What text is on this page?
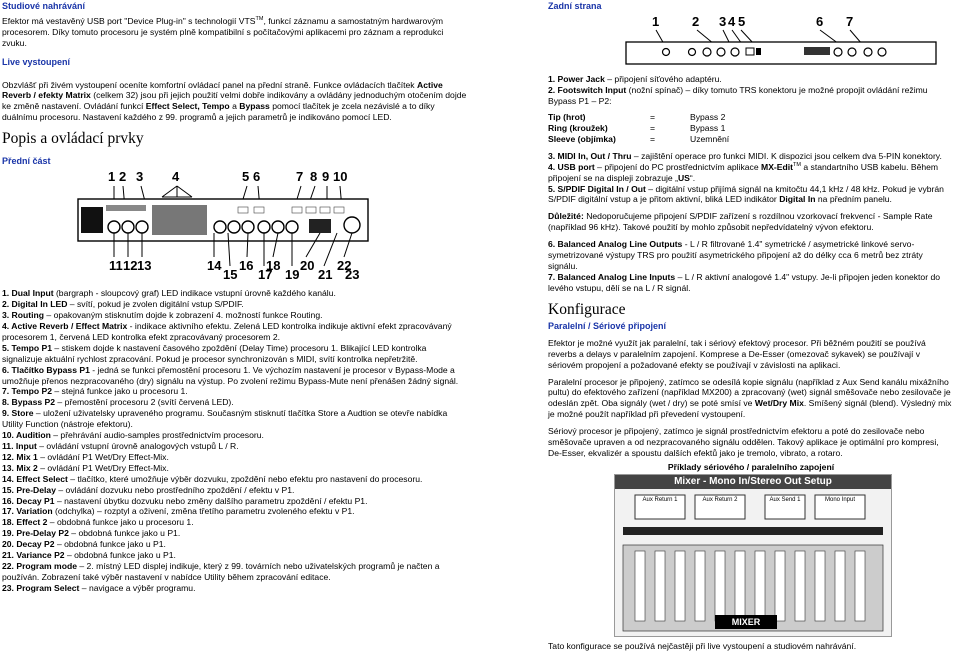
Studiové nahrávání

Efektor má vestavěný USB port "Device Plug-in" s technologií VTS™, funkcí záznamu a samostatným hardwarovým procesorem. Díky tomuto procesoru je systém plně kompatibilní s počítačovými aplikacemi pro záznam a reprodukci zvuku.

Live vystoupení

Obzvlášť při živém vystoupení oceníte komfortní ovládací panel na přední straně. Funkce ovládacích tlačítek Active Reverb / efekty Matrix (celkem 32) jsou při jejich použití velmi dobře indikovány a ovládány jednoduchým otočením dojde ke změně nastavení. Ovládání funkcí Effect Select, Tempo a Bypass pomocí tlačítek je zcela nezávislé a to díky duálnímu procesoru. Nastavení každého z 99. programů a jejich parametrů je indikováno pomocí LED.

Popis a ovládací prvky

Přední část

1 2 3 4	5 6	7 8 9 10
11 12 13	14
15
16
17
18
19
20
21
22
23
1. Dual Input (bargraph - sloupcový graf) LED indikace vstupní úrovně každého kanálu.
2. Digital In LED – svítí, pokud je zvolen digitální vstup S/PDIF.
3. Routing – opakovaným stisknutím dojde k zobrazení 4. možností funkce Routing.
4. Active Reverb / Effect Matrix - indikace aktivního efektu. Zelená LED kontrolka indikuje aktivní efekt zpracovávaný procesorem 1, červená LED kontrolka efekt zpracovávaný procesorem 2.
5. Tempo P1 – stiskem dojde k nastavení časového zpoždění (Delay Time) procesoru 1. Blikající LED kontrolka signalizuje aktuální rychlost zpracování. Pokud je procesor synchronizován s MIDI, svítí kontrolka nepřetržitě.
6. Tlačítko Bypass P1 - jedná se funkci přemostění procesoru 1. Ve výchozím nastavení je procesor v Bypass-Mode a umožňuje přenos nezpracovaného (dry) signálu na výstup. Po zvolení režimu Bypass-Mute není přenášen žádný signál.
7. Tempo P2 – stejná funkce jako u procesoru 1.
8. Bypass P2 – přemostění procesoru 2 (svítí červená LED).
9. Store – uložení uživatelsky upraveného programu. Současným stisknutí tlačítka Store a Audtion se otevře nabídka Utility Function (nástroje efektoru).
10. Audition – přehrávání audio-samples prostřednictvím procesoru.
11. Input – ovládání vstupní úrovně analogových vstupů L / R.
12. Mix 1 – ovládání P1 Wet/Dry Effect-Mix.
13. Mix 2 – ovládání P1 Wet/Dry Effect-Mix.
14. Effect Select – tlačítko, které umožňuje výběr dozvuku, zpoždění nebo efektu pro nastavení do procesoru.
15. Pre-Delay – ovládání dozvuku nebo prostředního zpoždění / efektu v P1.
16. Decay P1 – nastavení úbytku dozvuku nebo změny dalšího parametru zpoždění / efektu P1.
17. Variation (odchylka) – rozptyl a oživení, změna třetího parametru zvoleného efektu v P1.
18. Effect 2 – obdobná funkce jako u procesoru 1.
19. Pre-Delay P2 – obdobná funkce jako u P1.
20. Decay P2 – obdobná funkce jako u P1.
21. Variance P2 – obdobná funkce jako u P1.
22. Program mode – 2. místný LED displej indikuje, který z 99. továrních nebo uživatelských programů je načten a používán. Zobrazení také výběr nastavení v nabídce Utility během zpracování editace.
23. Program Select – navigace a výběr programu.

Zadní strana

1	2 3 4 5	6 7

1. Power Jack – připojení síťového adaptéru.

2. Footswitch Input (nožní spínač) – díky tomuto TRS konektoru je možné propojit ovládání režimu Bypass P1 – P2:

Tip (hrot)	=	Bypass 2
Ring (kroužek)	=	Bypass 1
Sleeve (objímka)	=	Uzemnění

3. MIDI In, Out / Thru – zajištění operace pro funkci MIDI. K dispozici jsou celkem dva 5-PIN konektory.

4. USB port – připojení do PC prostřednictvím aplikace MX-Edit™ a standartního USB kabelu. Během připojení se na displeji zobrazuje „US“.

5. S/PDIF Digital In / Out – digitální vstup přijímá signál na kmitočtu 44,1 kHz / 48 kHz. Pokud je vybrán S/PDIF digitální vstup a je přitom aktivní, bliká LED indikátor Digital In na předním panelu.

Důležité: Nedoporučujeme připojení S/PDIF zařízení s rozdílnou vzorkovací frekvencí - Sample Rate (například 96 kHz). Takové použití by mohlo způsobit nepředvídatelný vývon efektoru.

6. Balanced Analog Line Outputs - L / R filtrované 1.4" symetrické / asymetrické linkové servo-symetrizované výstupy TRS pro použití asymetrického připojení až do délky cca 6 metrů bez ztráty signálu.

7. Balanced Analog Line Inputs – L / R aktivní analogové 1.4" vstupy. Je-li připojen jeden konektor do levého vstupu, dělí se na L / R signál.

Konfigurace

Paralelní / Sériové připojení

Efektor je možné využít jak paralelní, tak i sériový efektový procesor. Při běžném použití se používá reverbs a delays v paralelním zapojení. Komprese a De-Esser (omezovač sykavek) se používají v sériovém propojení a požadované efekty se používají v závislosti na aplikaci.

Paralelní procesor je připojený, zatímco se odesílá kopie signálu (například z Aux Send kanálu mixážního pultu) do efektového zařízení (například MX200) a zpracovaný (wet) signál směšovače nebo zesilovače je odeslán zpět. Oba signály (wet / dry) se poté smísí ve Wet/Dry Mix. Smíšený signál (blend). Výsledný mix je možné použít například při převedení vystoupení.

Sériový procesor je připojený, zatímco je signál prostřednictvím efektoru a poté do zesilovače nebo směšovače upraven a od nezpracovaného signálu oddělen. Takový aplikace je optimální pro kompresi, De-Esser, ekvalizér a spoustu dalších efektů jako je tremolo, vibrato, a rotaro.

Příklady sériového / paralelního zapojení

Mixer - Mono In/Stereo Out Setup
Aux Return 1	Aux Return 2	Aux Send 1	Mono Input
MIXER

Tato konfigurace se používá nejčastěji při live vystoupení a studiovém nahrávání.
